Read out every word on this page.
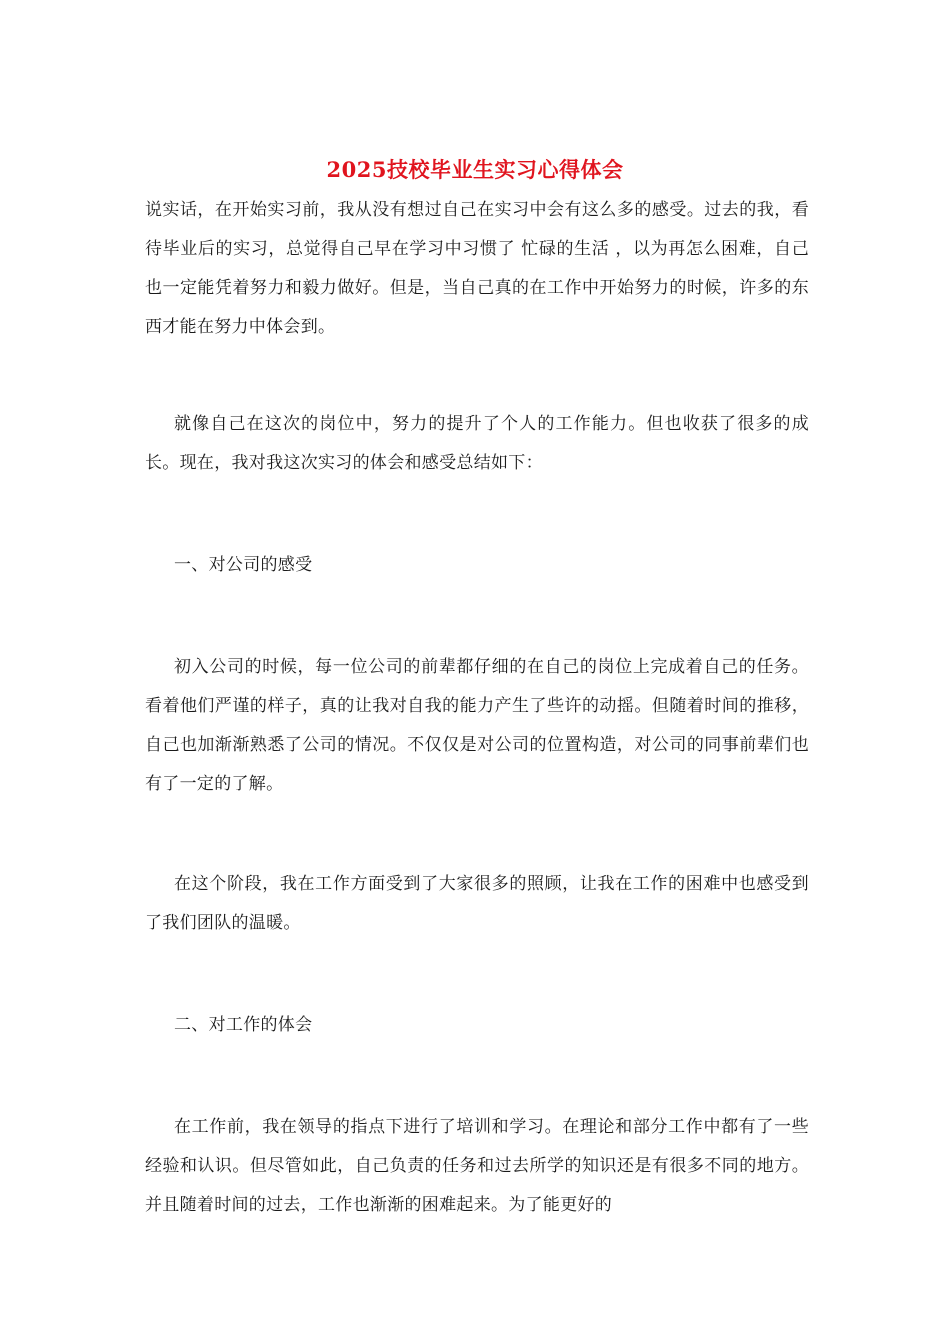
2025技校毕业生实习心得体会

说实话，在开始实习前，我从没有想过自己在实习中会有这么多的感受。过去的我，看待毕业后的实习，总觉得自己早在学习中习惯了 忙碌的生活 ，以为再怎么困难，自己也一定能凭着努力和毅力做好。但是，当自己真的在工作中开始努力的时候，许多的东西才能在努力中体会到。

就像自己在这次的岗位中，努力的提升了个人的工作能力。但也收获了很多的成长。现在，我对我这次实习的体会和感受总结如下：

一、对公司的感受

初入公司的时候，每一位公司的前辈都仔细的在自己的岗位上完成着自己的任务。看着他们严谨的样子，真的让我对自我的能力产生了些许的动摇。但随着时间的推移，自己也加渐渐熟悉了公司的情况。不仅仅是对公司的位置构造，对公司的同事前辈们也有了一定的了解。

在这个阶段，我在工作方面受到了大家很多的照顾，让我在工作的困难中也感受到了我们团队的温暖。

二、对工作的体会

在工作前，我在领导的指点下进行了培训和学习。在理论和部分工作中都有了一些经验和认识。但尽管如此，自己负责的任务和过去所学的知识还是有很多不同的地方。并且随着时间的过去，工作也渐渐的困难起来。为了能更好的
